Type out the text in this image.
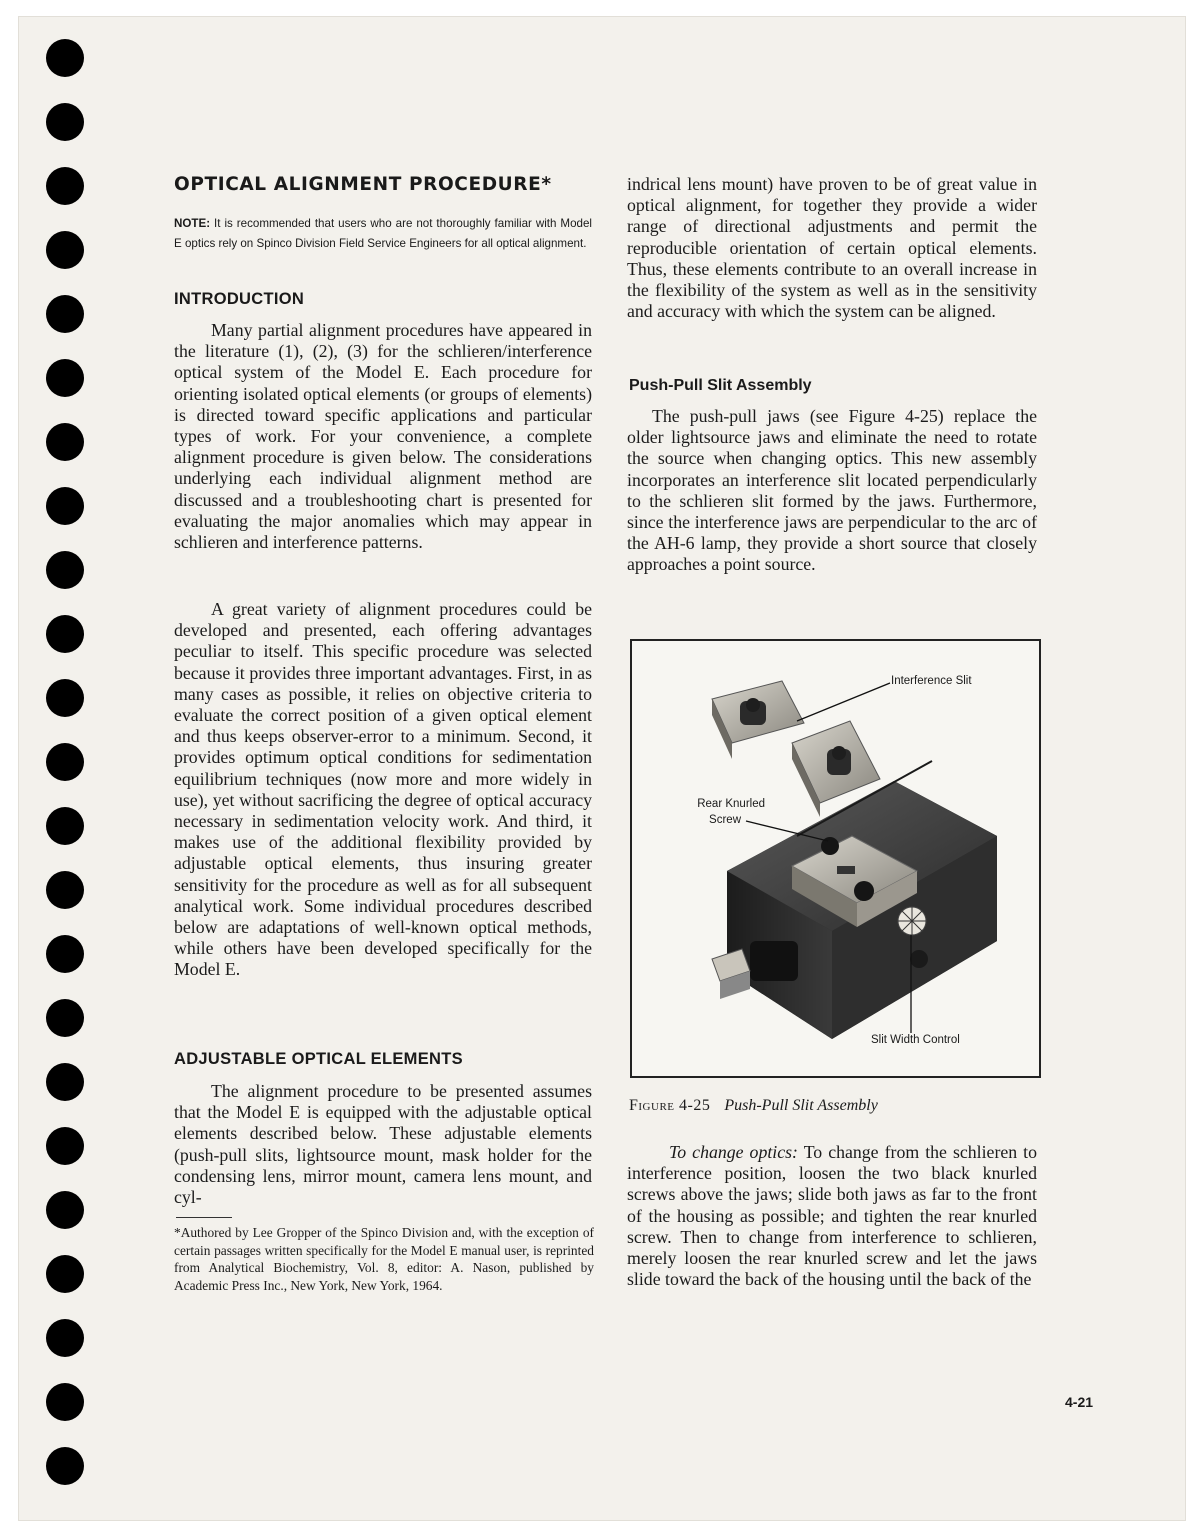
OPTICAL ALIGNMENT PROCEDURE*
NOTE: It is recommended that users who are not thoroughly familiar with Model E optics rely on Spinco Division Field Service Engineers for all optical alignment.
INTRODUCTION

Many partial alignment procedures have appeared in the literature (1), (2), (3) for the schlieren/interference optical system of the Model E. Each procedure for orienting isolated optical elements (or groups of elements) is directed toward specific applications and particular types of work. For your convenience, a complete alignment procedure is given below. The considerations underlying each individual alignment method are discussed and a troubleshooting chart is presented for evaluating the major anomalies which may appear in schlieren and interference patterns.

A great variety of alignment procedures could be developed and presented, each offering advantages peculiar to itself. This specific procedure was selected because it provides three important advantages. First, in as many cases as possible, it relies on objective criteria to evaluate the correct position of a given optical element and thus keeps observer-error to a minimum. Second, it provides optimum optical conditions for sedimentation equilibrium techniques (now more and more widely in use), yet without sacrificing the degree of optical accuracy necessary in sedimentation velocity work. And third, it makes use of the additional flexibility provided by adjustable optical elements, thus insuring greater sensitivity for the procedure as well as for all subsequent analytical work. Some individual procedures described below are adaptations of well-known optical methods, while others have been developed specifically for the Model E.

ADJUSTABLE OPTICAL ELEMENTS

The alignment procedure to be presented assumes that the Model E is equipped with the adjustable optical elements described below. These adjustable elements (push-pull slits, lightsource mount, mask holder for the condensing lens, mirror mount, camera lens mount, and cyl-

*Authored by Lee Gropper of the Spinco Division and, with the exception of certain passages written specifically for the Model E manual user, is reprinted from Analytical Biochemistry, Vol. 8, editor: A. Nason, published by Academic Press Inc., New York, New York, 1964.

indrical lens mount) have proven to be of great value in optical alignment, for together they provide a wider range of directional adjustments and permit the reproducible orientation of certain optical elements. Thus, these elements contribute to an overall increase in the flexibility of the system as well as in the sensitivity and accuracy with which the system can be aligned.

Push-Pull Slit Assembly

The push-pull jaws (see Figure 4-25) replace the older lightsource jaws and eliminate the need to rotate the source when changing optics. This new assembly incorporates an interference slit located perpendicularly to the schlieren slit formed by the jaws. Furthermore, since the interference jaws are perpendicular to the arc of the AH-6 lamp, they provide a short source that closely approaches a point source.

Interference Slit
Rear Knurled
Screw
Slit Width Control
Figure 4-25 Push-Pull Slit Assembly

To change optics: To change from the schlieren to interference position, loosen the two black knurled screws above the jaws; slide both jaws as far to the front of the housing as possible; and tighten the rear knurled screw. Then to change from interference to schlieren, merely loosen the rear knurled screw and let the jaws slide toward the back of the housing until the back of the

4-21
